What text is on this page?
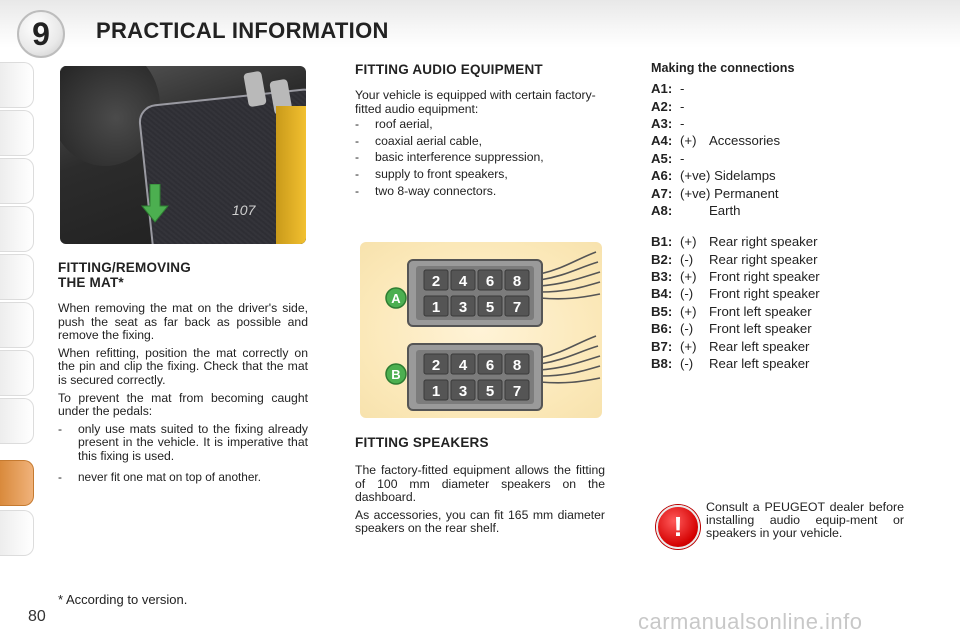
9	PRACTICAL INFORMATION
107
FITTING/REMOVING
THE MAT*
When removing the mat on the driver's side, push the seat as far back as possible and remove the fixing.
When refitting, position the mat correctly on the pin and clip the fixing. Check that the mat is secured correctly.
To prevent the mat from becoming caught under the pedals:
- only use mats suited to the fixing already present in the vehicle. It is imperative that this fixing is used.
- never fit one mat on top of another.
FITTING AUDIO EQUIPMENT
Your vehicle is equipped with certain factory-fitted audio equipment:
- roof aerial,
- coaxial aerial cable,
- basic interference suppression,
- supply to front speakers,
- two 8-way connectors.
2 4 6 8
1 3 5 7
2 4 6 8
1 3 5 7
A
B
FITTING SPEAKERS
The factory-fitted equipment allows the fitting of 100 mm diameter speakers on the dashboard.
As accessories, you can fit 165 mm diameter speakers on the rear shelf.
Making the connections
A1: -
A2: -
A3: -
A4: (+) Accessories
A5: -
A6: (+ve) Sidelamps
A7: (+ve) Permanent
A8:	Earth
B1: (+) Rear right speaker
B2: (-)	Rear right speaker
B3: (+) Front right speaker
B4: (-)	Front right speaker
B5: (+) Front left speaker
B6: (-)	Front left speaker
B7: (+) Rear left speaker
B8: (-)	Rear left speaker
!
Consult a PEUGEOT dealer before installing audio equip-ment or speakers in your vehicle.
* According to version.
80	carmanualsonline.info
